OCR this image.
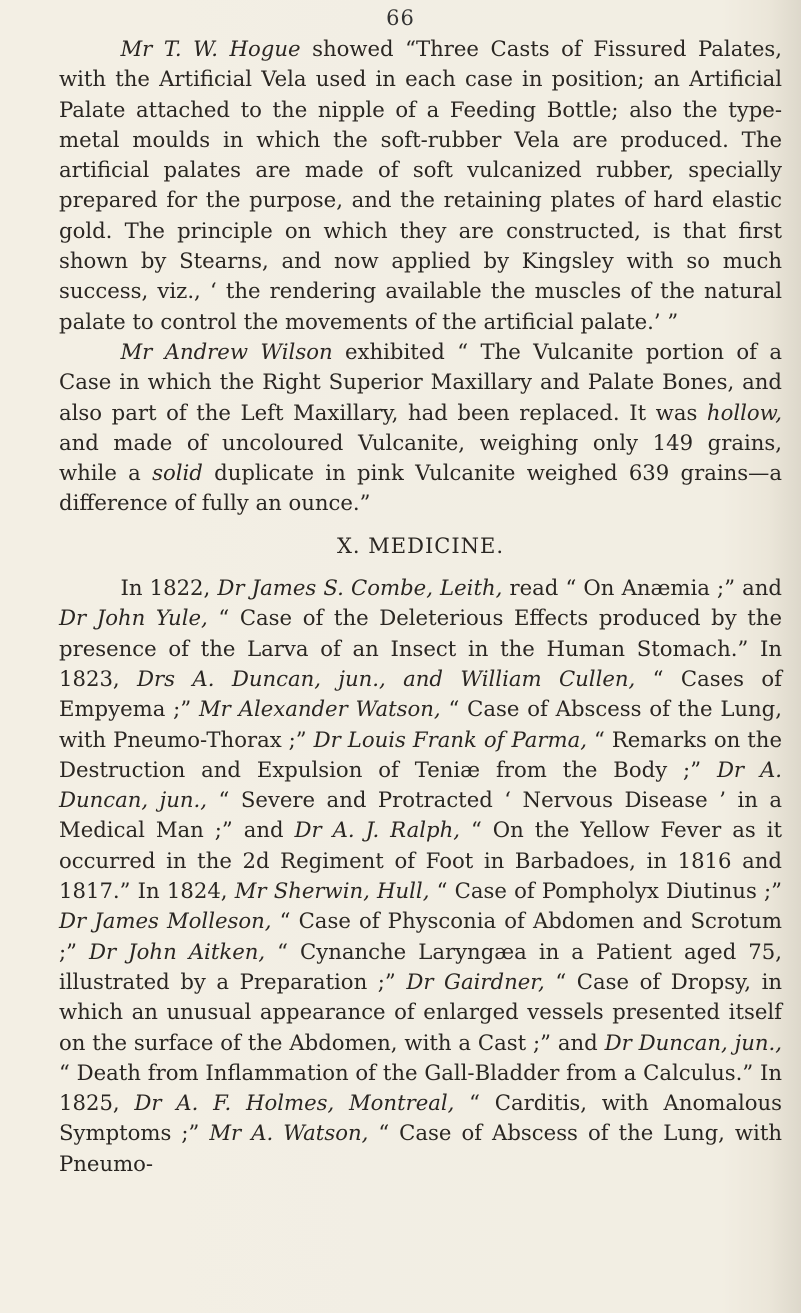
66

Mr T. W. Hogue showed “Three Casts of Fissured Palates, with the Artificial Vela used in each case in position; an Artificial Palate attached to the nipple of a Feeding Bottle; also the type-metal moulds in which the soft-rubber Vela are produced. The artificial palates are made of soft vulcanized rubber, specially prepared for the purpose, and the retaining plates of hard elastic gold. The principle on which they are constructed, is that first shown by Stearns, and now applied by Kingsley with so much success, viz., ‘ the rendering available the muscles of the natural palate to control the movements of the artificial palate.’ ”

Mr Andrew Wilson exhibited “ The Vulcanite portion of a Case in which the Right Superior Maxillary and Palate Bones, and also part of the Left Maxillary, had been replaced. It was hollow, and made of uncoloured Vulcanite, weighing only 149 grains, while a solid duplicate in pink Vulcanite weighed 639 grains—a difference of fully an ounce.”

X. MEDICINE.

In 1822, Dr James S. Combe, Leith, read “ On Anæmia ;” and Dr John Yule, “ Case of the Deleterious Effects produced by the presence of the Larva of an Insect in the Human Stomach.” In 1823, Drs A. Duncan, jun., and William Cullen, “ Cases of Empyema ;” Mr Alexander Watson, “ Case of Abscess of the Lung, with Pneumo-Thorax ;” Dr Louis Frank of Parma, “ Remarks on the Destruction and Expulsion of Teniæ from the Body ;” Dr A. Duncan, jun., “ Severe and Protracted ‘ Nervous Disease ’ in a Medical Man ;” and Dr A. J. Ralph, “ On the Yellow Fever as it occurred in the 2d Regiment of Foot in Barbadoes, in 1816 and 1817.” In 1824, Mr Sherwin, Hull, “ Case of Pompholyx Diutinus ;” Dr James Molleson, “ Case of Physconia of Abdomen and Scrotum ;” Dr John Aitken, “ Cynanche Laryngæa in a Patient aged 75, illustrated by a Preparation ;” Dr Gairdner, “ Case of Dropsy, in which an unusual appearance of enlarged vessels presented itself on the surface of the Abdomen, with a Cast ;” and Dr Duncan, jun., “ Death from Inflammation of the Gall-Bladder from a Calculus.” In 1825, Dr A. F. Holmes, Montreal, “ Carditis, with Anomalous Symptoms ;” Mr A. Watson, “ Case of Abscess of the Lung, with Pneumo-
